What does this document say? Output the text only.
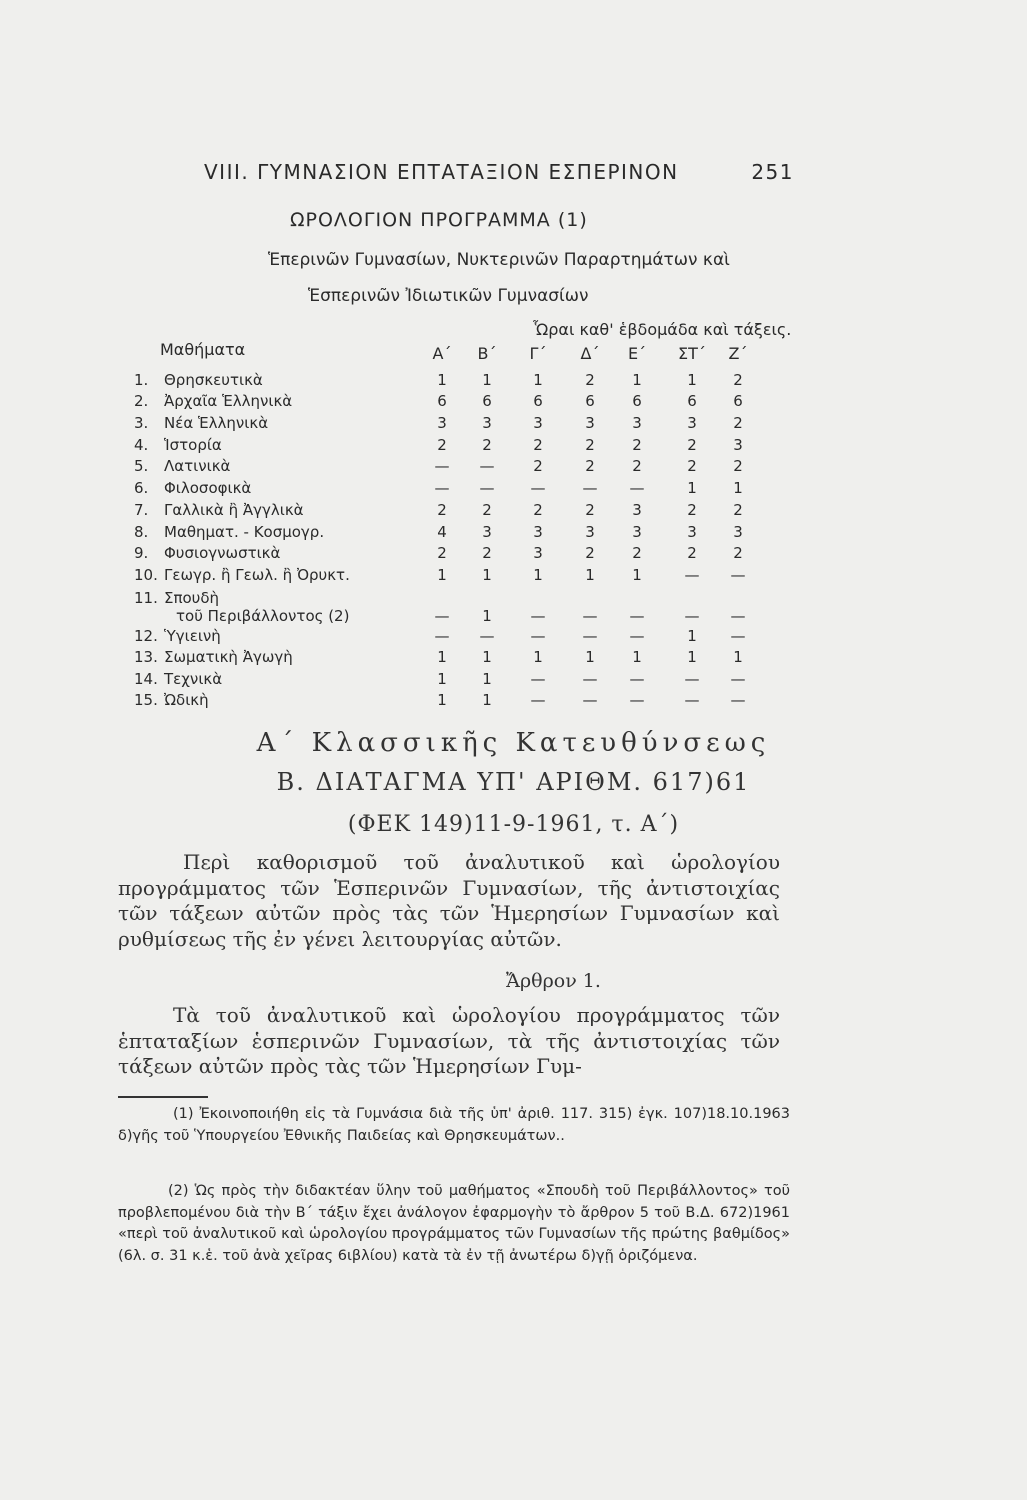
VIII. ΓΥΜΝΑΣΙΟΝ ΕΠΤΑΤΑΞΙΟΝ ΕΣΠΕΡΙΝΟΝ	251
ΩΡΟΛΟΓΙΟΝ ΠΡΟΓΡΑΜΜΑ (1)
Ἑπερινῶν Γυμνασίων, Νυκτερινῶν Παραρτημάτων καὶ
Ἑσπερινῶν Ἰδιωτικῶν Γυμνασίων
Ὧραι καθ' ἑβδομάδα καὶ τάξεις.
Μαθήματα	Α΄ Β΄	Γ΄	Δ΄	Ε΄	ΣΤ΄ Ζ΄
1.	Θρησκευτικὰ	1	1	1	2	1	1	2
2.	Ἀρχαῖα Ἑλληνικὰ	6	6	6	6	6	6	6
3.	Νέα Ἑλληνικὰ	3	3	3	3	3	3	2
4.	Ἱστορία	2	2	2	2	2	2	3
5.	Λατινικὰ	—	—	2	2	2	2	2
6.	Φιλοσοφικὰ	—	—	—	—	—	1	1
7.	Γαλλικὰ ἢ Ἀγγλικὰ	2	2	2	2	3	2	2
8.	Μαθηματ. - Κοσμογρ.	4	3	3	3	3	3	3
9.	Φυσιογνωστικὰ	2	2	3	2	2	2	2
10. Γεωγρ. ἢ Γεωλ. ἢ Ὀρυκτ.	1	1	1	1	1	—	—
11. Σπουδὴ
τοῦ Περιβάλλοντος (2)	—	1	—	—	—	—	—
12. Ὑγιεινὴ	—	—	—	—	—	1	—
13. Σωματικὴ Ἀγωγὴ	1	1	1	1	1	1	1
14. Τεχνικὰ	1	1	—	—	—	—	—
15. Ὠδικὴ	1	1	—	—	—	—	—
Α΄ Κλασσικῆς Κατευθύνσεως
Β. ΔΙΑΤΑΓΜΑ ΥΠ' ΑΡΙΘΜ. 617)61
(ΦΕΚ 149)11-9-1961, τ. Α΄)
Περὶ καθορισμοῦ τοῦ ἀναλυτικοῦ καὶ ὡρολογίου προγράμματος τῶν Ἑσπερινῶν Γυμνασίων, τῆς ἀντιστοιχίας τῶν τάξεων αὐτῶν πρὸς τὰς τῶν Ἡμερησίων Γυμνασίων καὶ ρυθμίσεως τῆς ἐν γένει λειτουργίας αὐτῶν.
Ἄρθρον 1.
Τὰ τοῦ ἀναλυτικοῦ καὶ ὡρολογίου προγράμματος τῶν ἑπταταξίων ἑσπερινῶν Γυμνασίων, τὰ τῆς ἀντιστοιχίας τῶν τάξεων αὐτῶν πρὸς τὰς τῶν Ἡμερησίων Γυμ-
(1) Ἐκοινοποιήθη εἰς τὰ Γυμνάσια διὰ τῆς ὑπ' ἀριθ. 117. 315) ἐγκ. 107)18.10.1963 δ)γῆς τοῦ Ὑπουργείου Ἐθνικῆς Παιδείας καὶ Θρησκευμάτων..
(2) Ὡς πρὸς τὴν διδακτέαν ὕλην τοῦ μαθήματος «Σπουδὴ τοῦ Περιβάλλοντος» τοῦ προβλεπομένου διὰ τὴν Β΄ τάξιν ἔχει ἀνάλογον ἐφαρμογὴν τὸ ἄρθρον 5 τοῦ Β.Δ. 672)1961 «περὶ τοῦ ἀναλυτικοῦ καὶ ὡρολογίου προγράμματος τῶν Γυμνασίων τῆς πρώτης βαθμίδος» (6λ. σ. 31 κ.ἑ. τοῦ ἀνὰ χεῖρας 6ιβλίου) κατὰ τὰ ἐν τῇ ἀνωτέρω δ)γῇ ὁριζόμενα.
